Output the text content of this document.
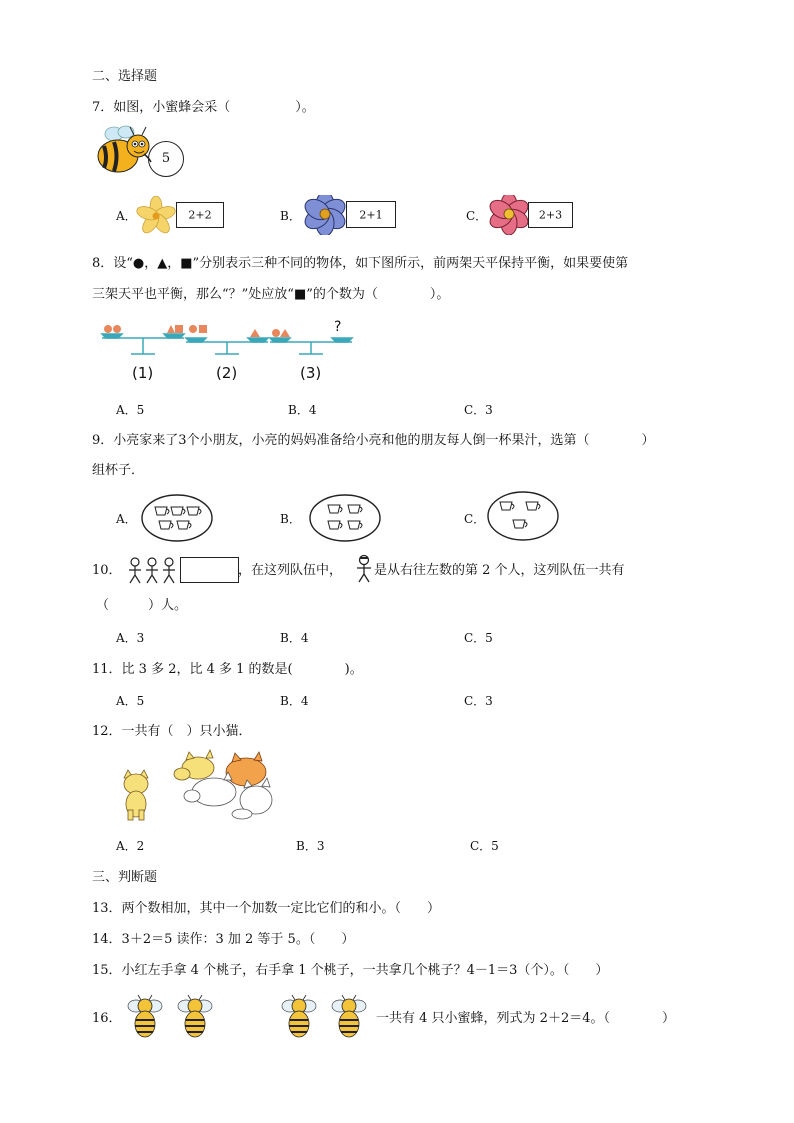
二、选择题
7．如图，小蜜蜂会采（　　　　　）。
5
A．	2+2	B．	2+1	C．	2+3
8．设“●，▲，■”分别表示三种不同的物体，如下图所示，前两架天平保持平衡，如果要使第
三架天平也平衡，那么“？”处应放“■”的个数为（　　　　）。
?
(1)	(2)	(3)
A．5	B．4	C．3
9．小亮家来了3个小朋友，小亮的妈妈准备给小亮和他的朋友每人倒一杯果汁，选第（　　　　）
组杯子．
A．	B．	C．
10．	，在这列队伍中， 是从右往左数的第 2 个人，这列队伍一共有
（　　　）人。
A．3	B．4	C．5
11．比 3 多 2，比 4 多 1 的数是(　　　　)。
A．5	B．4	C．3
12．一共有（　）只小猫．
A．2	B．3	C．5
三、判断题
13．两个数相加，其中一个加数一定比它们的和小。（　　）
14．3＋2＝5 读作：3 加 2 等于 5。（　　）
15．小红左手拿 4 个桃子，右手拿 1 个桃子，一共拿几个桃子？4－1＝3（个）。（　　）
16．	一共有 4 只小蜜蜂，列式为 2＋2＝4。（　　　　）
